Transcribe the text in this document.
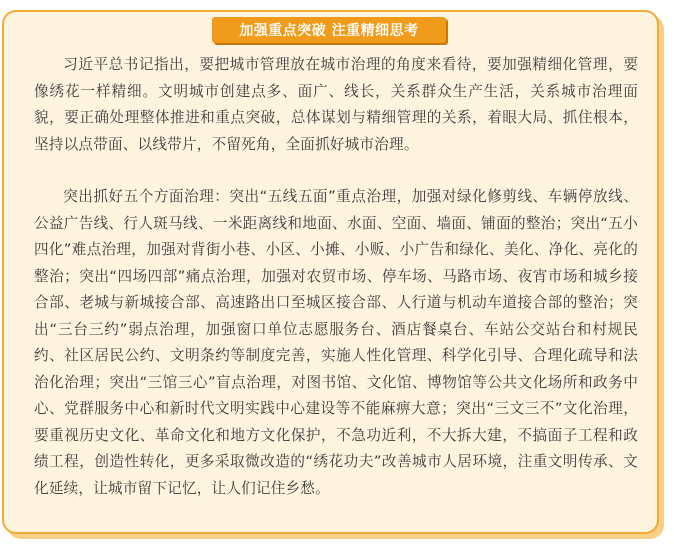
加强重点突破 注重精细思考

习近平总书记指出，要把城市管理放在城市治理的角度来看待，要加强精细化管理，要像绣花一样精细。文明城市创建点多、面广、线长，关系群众生产生活，关系城市治理面貌，要正确处理整体推进和重点突破，总体谋划与精细管理的关系，着眼大局、抓住根本，坚持以点带面、以线带片，不留死角，全面抓好城市治理。

突出抓好五个方面治理：突出“五线五面”重点治理，加强对绿化修剪线、车辆停放线、公益广告线、行人斑马线、一米距离线和地面、水面、空面、墙面、铺面的整治；突出“五小四化”难点治理，加强对背街小巷、小区、小摊、小贩、小广告和绿化、美化、净化、亮化的整治；突出“四场四部”痛点治理，加强对农贸市场、停车场、马路市场、夜宵市场和城乡接合部、老城与新城接合部、高速路出口至城区接合部、人行道与机动车道接合部的整治；突出“三台三约”弱点治理，加强窗口单位志愿服务台、酒店餐桌台、车站公交站台和村规民约、社区居民公约、文明条约等制度完善，实施人性化管理、科学化引导、合理化疏导和法治化治理；突出“三馆三心”盲点治理，对图书馆、文化馆、博物馆等公共文化场所和政务中心、党群服务中心和新时代文明实践中心建设等不能麻痹大意；突出“三文三不”文化治理，要重视历史文化、革命文化和地方文化保护，不急功近利，不大拆大建，不搞面子工程和政绩工程，创造性转化，更多采取微改造的“绣花功夫”改善城市人居环境，注重文明传承、文化延续，让城市留下记忆，让人们记住乡愁。
